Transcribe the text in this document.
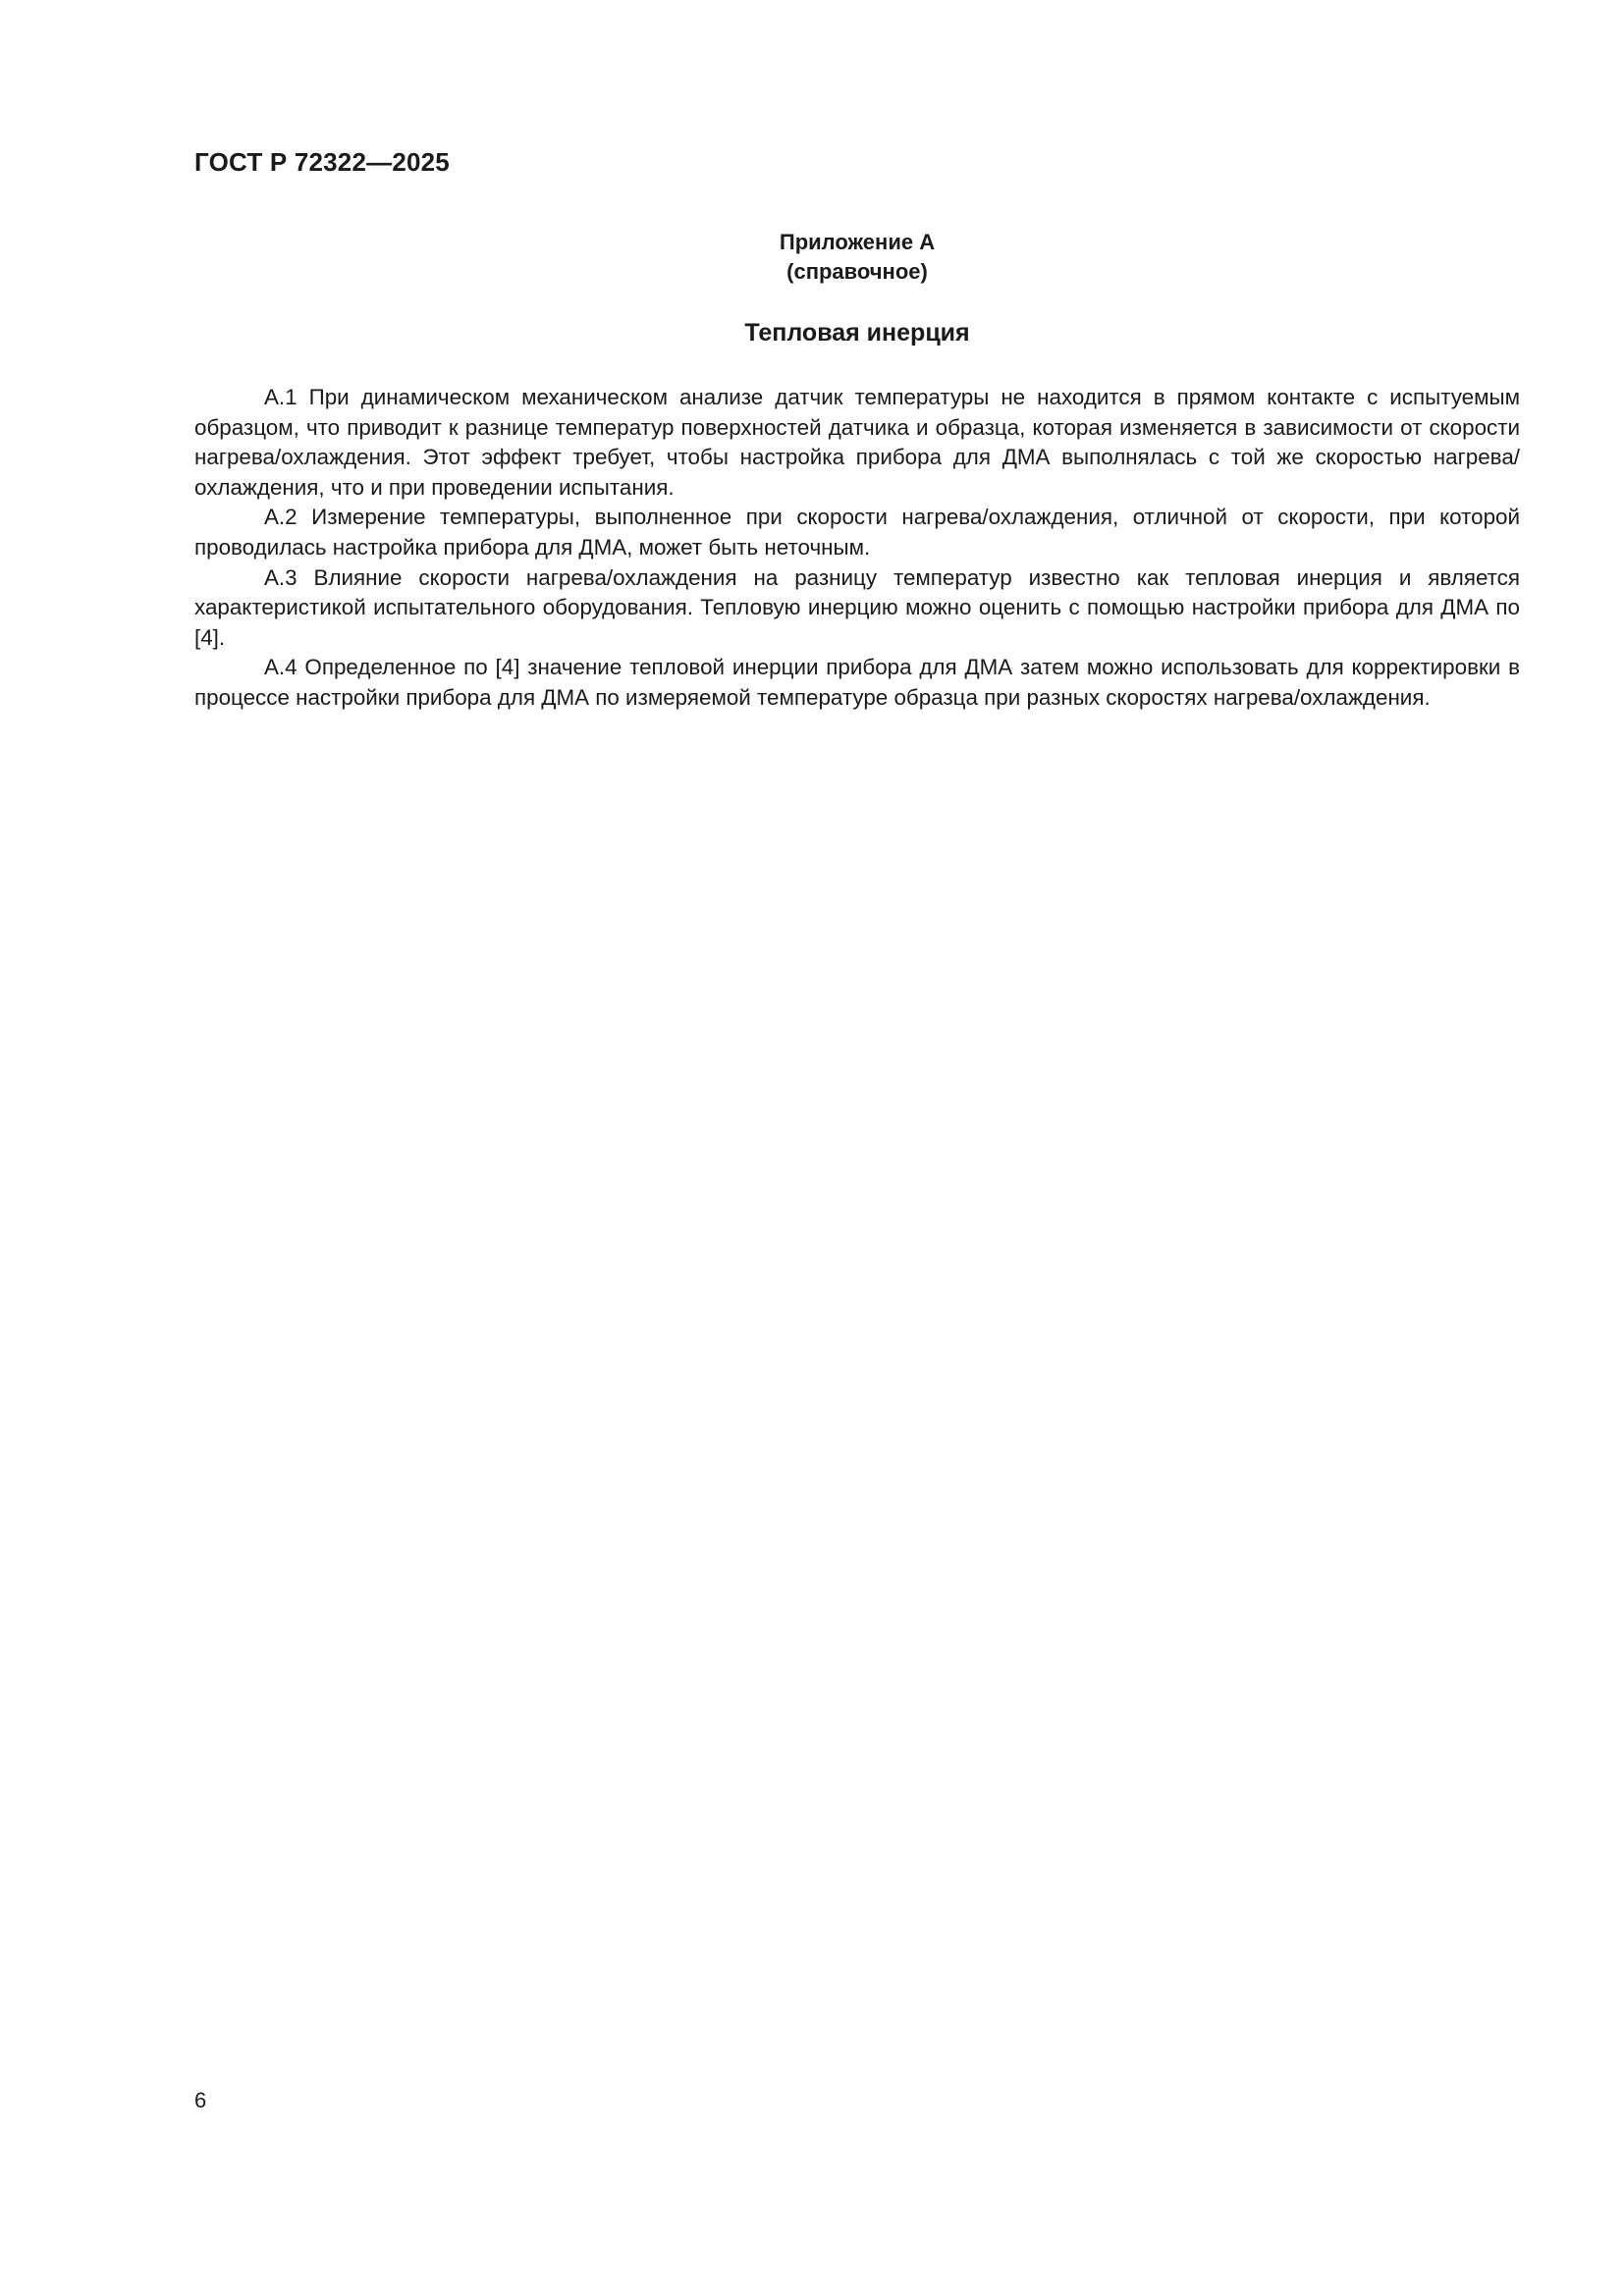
ГОСТ Р 72322—2025
Приложение А
(справочное)
Тепловая инерция

А.1 При динамическом механическом анализе датчик температуры не находится в прямом контакте с испытуемым образцом, что приводит к разнице температур поверхностей датчика и образца, которая изменяется в зависимости от скорости нагрева/охлаждения. Этот эффект требует, чтобы настройка прибора для ДМА выполнялась с той же скоростью нагрева/охлаждения, что и при проведении испытания.

А.2 Измерение температуры, выполненное при скорости нагрева/охлаждения, отличной от скорости, при которой проводилась настройка прибора для ДМА, может быть неточным.

А.3 Влияние скорости нагрева/охлаждения на разницу температур известно как тепловая инерция и является характеристикой испытательного оборудования. Тепловую инерцию можно оценить с помощью настройки прибора для ДМА по [4].

А.4 Определенное по [4] значение тепловой инерции прибора для ДМА затем можно использовать для корректировки в процессе настройки прибора для ДМА по измеряемой температуре образца при разных скоростях нагрева/охлаждения.

6
